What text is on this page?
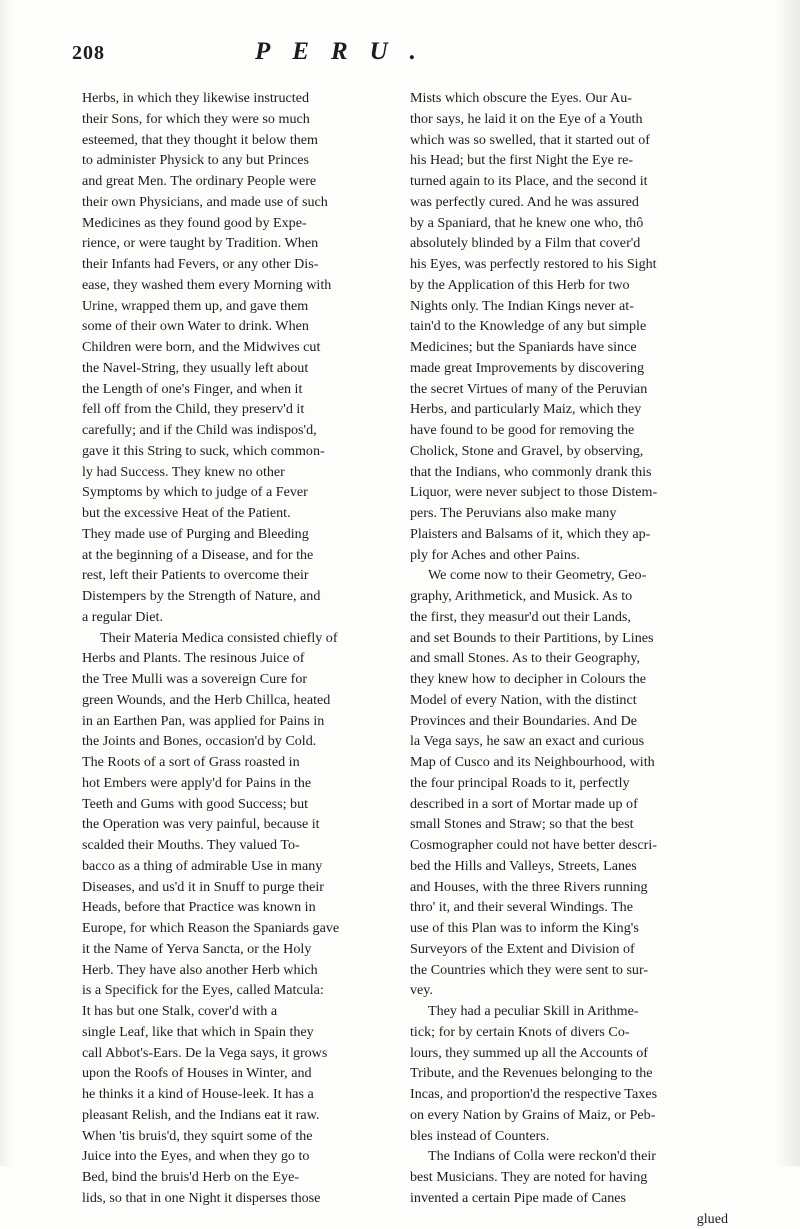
208	PERU.
Herbs, in which they likewise instructed
their Sons, for which they were so much
esteemed, that they thought it below them
to administer Physick to any but Princes
and great Men. The ordinary People were
their own Physicians, and made use of such
Medicines as they found good by Expe-
rience, or were taught by Tradition. When
their Infants had Fevers, or any other Dis-
ease, they washed them every Morning with
Urine, wrapped them up, and gave them
some of their own Water to drink. When
Children were born, and the Midwives cut
the Navel-String, they usually left about
the Length of one's Finger, and when it
fell off from the Child, they preserv'd it
carefully; and if the Child was indispos'd,
gave it this String to suck, which common-
ly had Success. They knew no other
Symptoms by which to judge of a Fever
but the excessive Heat of the Patient.
They made use of Purging and Bleeding
at the beginning of a Disease, and for the
rest, left their Patients to overcome their
Distempers by the Strength of Nature, and
a regular Diet.
Their Materia Medica consisted chiefly of
Herbs and Plants. The resinous Juice of
the Tree Mulli was a sovereign Cure for
green Wounds, and the Herb Chillca, heated
in an Earthen Pan, was applied for Pains in
the Joints and Bones, occasion'd by Cold.
The Roots of a sort of Grass roasted in
hot Embers were apply'd for Pains in the
Teeth and Gums with good Success; but
the Operation was very painful, because it
scalded their Mouths. They valued To-
bacco as a thing of admirable Use in many
Diseases, and us'd it in Snuff to purge their
Heads, before that Practice was known in
Europe, for which Reason the Spaniards gave
it the Name of Yerva Sancta, or the Holy
Herb. They have also another Herb which
is a Specifick for the Eyes, called Matcula:
It has but one Stalk, cover'd with a
single Leaf, like that which in Spain they
call Abbot's-Ears. De la Vega says, it grows
upon the Roofs of Houses in Winter, and
he thinks it a kind of House-leek. It has a
pleasant Relish, and the Indians eat it raw.
When 'tis bruis'd, they squirt some of the
Juice into the Eyes, and when they go to
Bed, bind the bruis'd Herb on the Eye-
lids, so that in one Night it disperses those
Mists which obscure the Eyes. Our Au-
thor says, he laid it on the Eye of a Youth
which was so swelled, that it started out of
his Head; but the first Night the Eye re-
turned again to its Place, and the second it
was perfectly cured. And he was assured
by a Spaniard, that he knew one who, thô
absolutely blinded by a Film that cover'd
his Eyes, was perfectly restored to his Sight
by the Application of this Herb for two
Nights only. The Indian Kings never at-
tain'd to the Knowledge of any but simple
Medicines; but the Spaniards have since
made great Improvements by discovering
the secret Virtues of many of the Peruvian
Herbs, and particularly Maiz, which they
have found to be good for removing the
Cholick, Stone and Gravel, by observing,
that the Indians, who commonly drank this
Liquor, were never subject to those Distem-
pers. The Peruvians also make many
Plaisters and Balsams of it, which they ap-
ply for Aches and other Pains.
We come now to their Geometry, Geo-
graphy, Arithmetick, and Musick. As to
the first, they measur'd out their Lands,
and set Bounds to their Partitions, by Lines
and small Stones. As to their Geography,
they knew how to decipher in Colours the
Model of every Nation, with the distinct
Provinces and their Boundaries. And De
la Vega says, he saw an exact and curious
Map of Cusco and its Neighbourhood, with
the four principal Roads to it, perfectly
described in a sort of Mortar made up of
small Stones and Straw; so that the best
Cosmographer could not have better descri-
bed the Hills and Valleys, Streets, Lanes
and Houses, with the three Rivers running
thro' it, and their several Windings. The
use of this Plan was to inform the King's
Surveyors of the Extent and Division of
the Countries which they were sent to sur-
vey.
They had a peculiar Skill in Arithme-
tick; for by certain Knots of divers Co-
lours, they summed up all the Accounts of
Tribute, and the Revenues belonging to the
Incas, and proportion'd the respective Taxes
on every Nation by Grains of Maiz, or Peb-
bles instead of Counters.
The Indians of Colla were reckon'd their
best Musicians. They are noted for having
invented a certain Pipe made of Canes
glued
